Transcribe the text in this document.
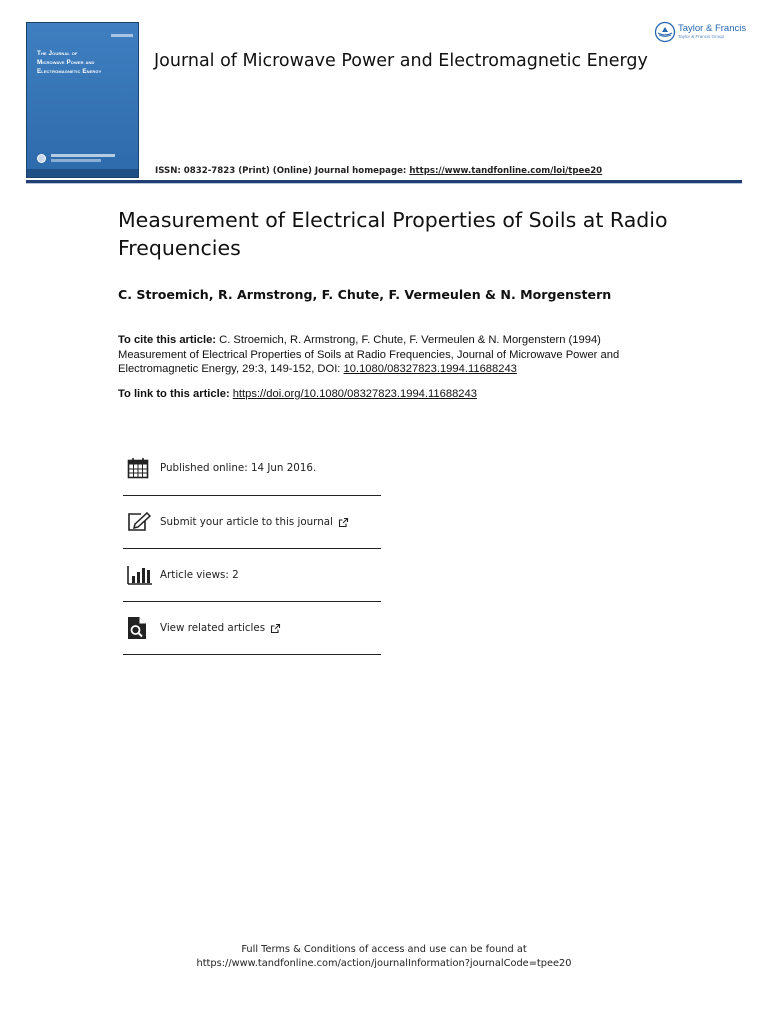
The Journal of
Microwave Power and
Electromagnetic Energy
Journal of Microwave Power and Electromagnetic Energy
ISSN: 0832-7823 (Print) (Online) Journal homepage: https://www.tandfonline.com/loi/tpee20
Taylor & Francis
Taylor & Francis Group
Measurement of Electrical Properties of Soils at Radio Frequencies
C. Stroemich, R. Armstrong, F. Chute, F. Vermeulen & N. Morgenstern
To cite this article: C. Stroemich, R. Armstrong, F. Chute, F. Vermeulen & N. Morgenstern (1994) Measurement of Electrical Properties of Soils at Radio Frequencies, Journal of Microwave Power and Electromagnetic Energy, 29:3, 149-152, DOI: 10.1080/08327823.1994.11688243
To link to this article: https://doi.org/10.1080/08327823.1994.11688243
Published online: 14 Jun 2016.
Submit your article to this journal
Article views: 2
View related articles
Full Terms & Conditions of access and use can be found at
https://www.tandfonline.com/action/journalInformation?journalCode=tpee20
